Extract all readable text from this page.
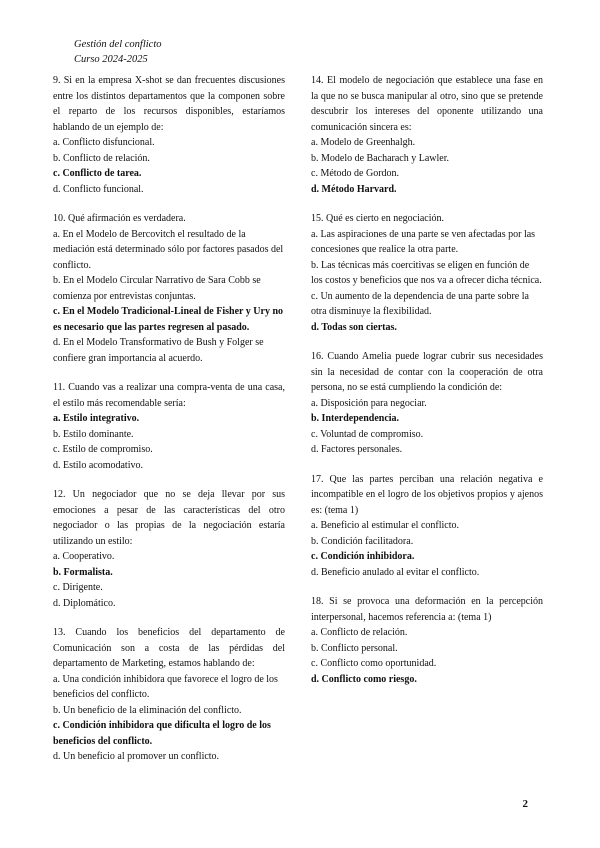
Gestión del conflicto
Curso 2024-2025
9. Si en la empresa X-shot se dan frecuentes discusiones entre los distintos departamentos que la componen sobre el reparto de los recursos disponibles, estaríamos hablando de un ejemplo de:
a. Conflicto disfuncional.
b. Conflicto de relación.
c. Conflicto de tarea.
d. Conflicto funcional.
10. Qué afirmación es verdadera.
a. En el Modelo de Bercovitch el resultado de la mediación está determinado sólo por factores pasados del conflicto.
b. En el Modelo Circular Narrativo de Sara Cobb se comienza por entrevistas conjuntas.
c. En el Modelo Tradicional-Lineal de Fisher y Ury no es necesario que las partes regresen al pasado.
d. En el Modelo Transformativo de Bush y Folger se confiere gran importancia al acuerdo.
11. Cuando vas a realizar una compra-venta de una casa, el estilo más recomendable sería:
a. Estilo integrativo.
b. Estilo dominante.
c. Estilo de compromiso.
d. Estilo acomodativo.
12. Un negociador que no se deja llevar por sus emociones a pesar de las características del otro negociador o las propias de la negociación estaría utilizando un estilo:
a. Cooperativo.
b. Formalista.
c. Dirigente.
d. Diplomático.
13. Cuando los beneficios del departamento de Comunicación son a costa de las pérdidas del departamento de Marketing, estamos hablando de:
a. Una condición inhibidora que favorece el logro de los beneficios del conflicto.
b. Un beneficio de la eliminación del conflicto.
c. Condición inhibidora que dificulta el logro de los beneficios del conflicto.
d. Un beneficio al promover un conflicto.
14. El modelo de negociación que establece una fase en la que no se busca manipular al otro, sino que se pretende descubrir los intereses del oponente utilizando una comunicación sincera es:
a. Modelo de Greenhalgh.
b. Modelo de Bacharach y Lawler.
c. Método de Gordon.
d. Método Harvard.
15. Qué es cierto en negociación.
a. Las aspiraciones de una parte se ven afectadas por las concesiones que realice la otra parte.
b. Las técnicas más coercitivas se eligen en función de los costos y beneficios que nos va a ofrecer dicha técnica.
c. Un aumento de la dependencia de una parte sobre la otra disminuye la flexibilidad.
d. Todas son ciertas.
16. Cuando Amelia puede lograr cubrir sus necesidades sin la necesidad de contar con la cooperación de otra persona, no se está cumpliendo la condición de:
a. Disposición para negociar.
b. Interdependencia.
c. Voluntad de compromiso.
d. Factores personales.
17. Que las partes perciban una relación negativa e incompatible en el logro de los objetivos propios y ajenos es: (tema 1)
a. Beneficio al estimular el conflicto.
b. Condición facilitadora.
c. Condición inhibidora.
d. Beneficio anulado al evitar el conflicto.
18. Si se provoca una deformación en la percepción interpersonal, hacemos referencia a: (tema 1)
a. Conflicto de relación.
b. Conflicto personal.
c. Conflicto como oportunidad.
d. Conflicto como riesgo.
2
